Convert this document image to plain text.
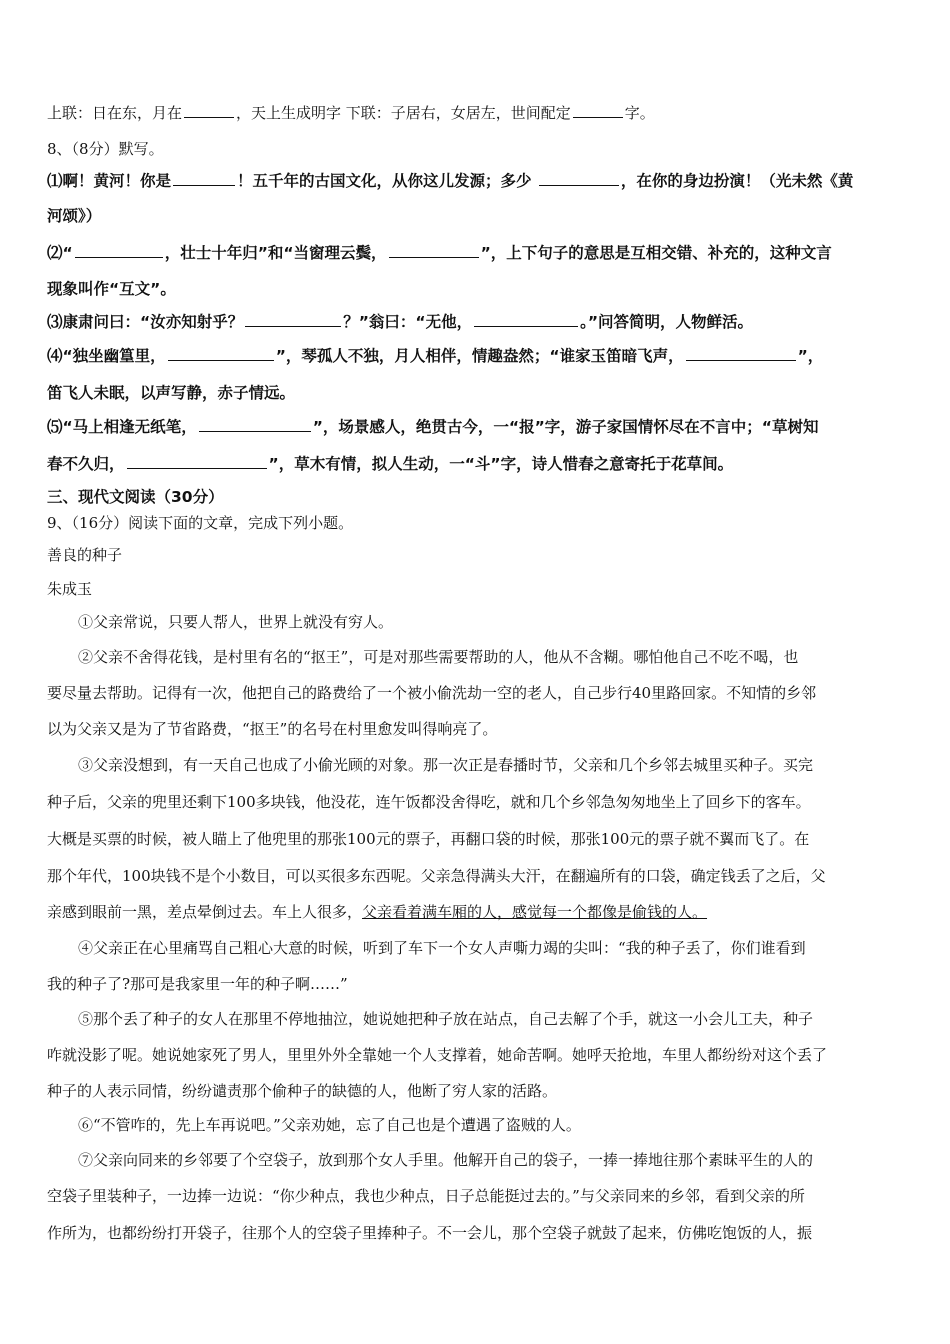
上联：日在东，月在	，天上生成明字 下联：子居右，女居左，世间配定	字。
8、（8分）默写。
⑴啊！黄河！你是	！五千年的古国文化，从你这儿发源；多少	，在你的身边扮演！（光未然《黄
河颂》）
⑵“	，壮士十年归”和“当窗理云鬓，	”，上下句子的意思是互相交错、补充的，这种文言
现象叫作“互文”。
⑶康肃问曰：“汝亦知射乎？	？”翁曰：“无他，	。”问答简明，人物鲜活。
⑷“独坐幽篁里，	”，琴孤人不独，月人相伴，情趣盎然；“谁家玉笛暗飞声，	”，
笛飞人未眠，以声写静，赤子情远。
⑸“马上相逢无纸笔，	”，场景感人，绝贯古今，一“报”字，游子家国情怀尽在不言中；“草树知
春不久归，	”，草木有情，拟人生动，一“斗”字，诗人惜春之意寄托于花草间。
三、现代文阅读（30分）
9、（16分）阅读下面的文章，完成下列小题。
善良的种子
朱成玉
①父亲常说，只要人帮人，世界上就没有穷人。
②父亲不舍得花钱，是村里有名的“抠王”，可是对那些需要帮助的人，他从不含糊。哪怕他自己不吃不喝，也
要尽量去帮助。记得有一次，他把自己的路费给了一个被小偷洗劫一空的老人，自己步行40里路回家。不知情的乡邻
以为父亲又是为了节省路费，“抠王”的名号在村里愈发叫得响亮了。
③父亲没想到，有一天自己也成了小偷光顾的对象。那一次正是春播时节，父亲和几个乡邻去城里买种子。买完
种子后，父亲的兜里还剩下100多块钱，他没花，连午饭都没舍得吃，就和几个乡邻急匆匆地坐上了回乡下的客车。
大概是买票的时候，被人瞄上了他兜里的那张100元的票子，再翻口袋的时候，那张100元的票子就不翼而飞了。在
那个年代，100块钱不是个小数目，可以买很多东西呢。父亲急得满头大汗，在翻遍所有的口袋，确定钱丢了之后，父
亲感到眼前一黑，差点晕倒过去。车上人很多，父亲看着满车厢的人，感觉每一个都像是偷钱的人。
④父亲正在心里痛骂自己粗心大意的时候，听到了车下一个女人声嘶力竭的尖叫：“我的种子丢了，你们谁看到
我的种子了?那可是我家里一年的种子啊……”
⑤那个丢了种子的女人在那里不停地抽泣，她说她把种子放在站点，自己去解了个手，就这一小会儿工夫，种子
咋就没影了呢。她说她家死了男人，里里外外全靠她一个人支撑着，她命苦啊。她呼天抢地，车里人都纷纷对这个丢了
种子的人表示同情，纷纷谴责那个偷种子的缺德的人，他断了穷人家的活路。
⑥“不管咋的，先上车再说吧。”父亲劝她，忘了自己也是个遭遇了盗贼的人。
⑦父亲向同来的乡邻要了个空袋子，放到那个女人手里。他解开自己的袋子，一捧一捧地往那个素昧平生的人的
空袋子里装种子，一边捧一边说：“你少种点，我也少种点，日子总能挺过去的。”与父亲同来的乡邻，看到父亲的所
作所为，也都纷纷打开袋子，往那个人的空袋子里捧种子。不一会儿，那个空袋子就鼓了起来，仿佛吃饱饭的人，振
